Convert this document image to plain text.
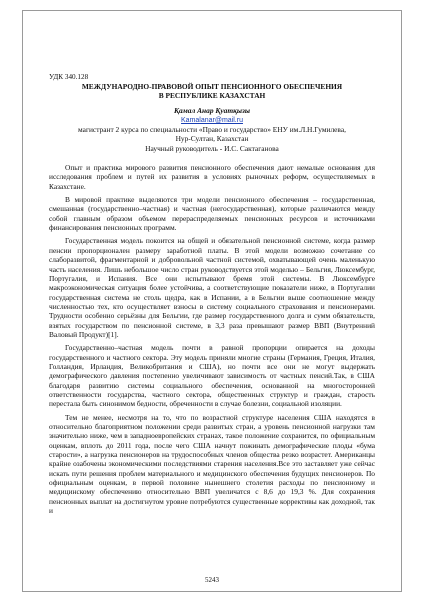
УДК 340.128

МЕЖДУНАРОДНО-ПРАВОВОЙ ОПЫТ ПЕНСИОННОГО ОБЕСПЕЧЕНИЯ
В РЕСПУБЛИКЕ КАЗАХСТАН

Қамал Анар Қуатқызы

Kamalanar@mail.ru

магистрант 2 курса по специальности «Право и государство» ЕНУ им.Л.Н.Гумилева,

Нур-Султан, Казахстан

Научный руководитель - И.С. Сактаганова

Опыт и практика мирового развития пенсионного обеспечения дают немалые основания для исследования проблем и путей их развития в условиях рыночных реформ, осуществляемых в Казахстане.

В мировой практике выделяются три модели пенсионного обеспечения – государственная, смешанная (государственно–частная) и частная (негосударственная), которые различаются между собой главным образом объемом перераспределяемых пенсионных ресурсов и источниками финансирования пенсионных программ.

Государственная модель покоится на общей и обязательной пенсионной системе, когда размер пенсии пропорционален размеру заработной платы. В этой модели возможно сочетание со слаборазвитой, фрагментарной и добровольной частной системой, охватывающей очень маленькую часть населения. Лишь небольшое число стран руководствуется этой моделью – Бельгия, Люксембург, Португалия, и Испания. Все они испытывают бремя этой системы. В Люксембурге макроэкономическая ситуация более устойчива, а соответствующие показатели ниже, в Португалии государственная система не столь щедра, как в Испании, а в Бельгии выше соотношение между численностью тех, кто осуществляет взносы в систему социального страхования и пенсионерами. Трудности особенно серьёзны для Бельгии, где размер государственного долга и сумм обязательств, взятых государством по пенсионной системе, в 3,3 раза превышают размер ВВП (Внутренний Валовый Продукт)[1].

Государственно–частная модель почти в равной пропорции опирается на доходы государственного и частного сектора. Эту модель приняли многие страны (Германия, Греция, Италия, Голландия, Ирландия, Великобритания и США), но почти все они не могут выдержать демографического давления постепенно увеличивают зависимость от частных пенсий.Так, в США благодаря развитию системы социального обеспечения, основанной на многосторонней ответственности государства, частного сектора, общественных структур и граждан, старость перестала быть синонимом бедности, обреченности в случае болезни, социальной изоляции.

Тем не менее, несмотря на то, что по возрастной структуре населения США находятся в относительно благоприятном положении среди развитых стран, а уровень пенсионной нагрузки там значительно ниже, чем в западноевропейских странах, такое положение сохранится, по официальным оценкам, вплоть до 2011 года, после чего США начнут пожинать демографические плоды «бума старости», а нагрузка пенсионеров на трудоспособных членов общества резко возрастет. Американцы крайне озабочены экономическими последствиями старения населения.Все это заставляет уже сейчас искать пути решения проблем материального и медицинского обеспечения будущих пенсионеров. По официальным оценкам, в первой половине нынешнего столетия расходы по пенсионному и медицинскому обеспечению относительно ВВП увеличатся с 8,6 до 19,3 %. Для сохранения пенсионных выплат на достигнутом уровне потребуются существенные коррективы как доходной, так и

5243
